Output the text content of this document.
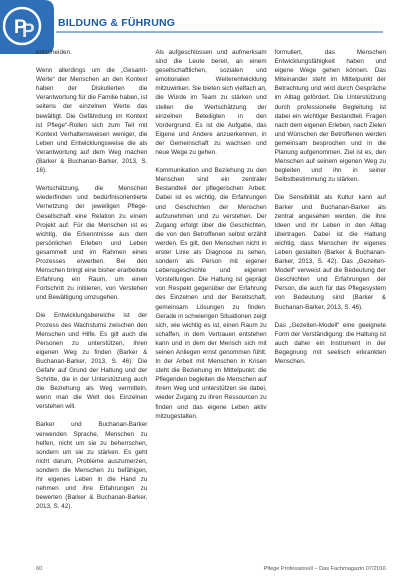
P
P BILDUNG & FÜHRUNG

entscheiden.

Wenn allerdings um die „Gesamt-Werte“ der Menschen an den Kontext haben der Diskutierten die Verantwortung für die Familie haben, ist seitens der einzelnen Werte das bewältigt. Die Gefährdung im Kontext ist Pflege“-Rollen sich zum Teil mit Kontext Verhaltensweisen weniger, die Leben und Entwicklungsweise die als Verantwortung auf dem Weg machen (Barker & Buchanan-Barker, 2013, S. 16).

Wertschätzung, die Menschen wiederfinden und bedürfnisorientierte Vernetzung der jeweiligen Pflege-Gesellschaft eine Relation zu einem Projekt auf. Für die Menschen ist es wichtig, die Erkenntnisse aus dem persönlichen Erleben und Leben gesammelt und im Rahmen eines Prozesses erwerben. Bei den Menschen bringt eine bisher erarbeitete Erfahrung ein Raum, um einen Fortschritt zu initiieren, von Verstehen und Bewältigung umzugehen.

Die Entwicklungsbereiche ist der Prozess des Wachstums zwischen den Menschen und Hilfe. Es gilt auch die Personen zu unterstützen, ihren eigenen Weg zu finden (Barker & Buchanan-Barker, 2013, S. 46). Die Gefahr auf Grund der Haltung und der Schritte, die in der Unterstützung auch die Beziehung als Weg vermitteln, wenn man die Welt des Einzelnen verstehen will.

Barker und Buchanan-Barker verwenden Sprache, Menschen zu helfen, nicht um sie zu beherrschen, sondern um sie zu stärken. Es geht nicht darum, Probleme auszumerzen, sondern die Menschen zu befähigen, ihr eigenes Leben in die Hand zu nehmen und ihre Erfahrungen zu bewerten (Barker & Buchanan-Barker, 2013, S. 42).

Als aufgeschlossen und aufmerksam sind die Leute bereit, an einem gesellschaftlichen, sozialen und emotionalen Weiterentwicklung mitzuwirken. Sie bieten sich vielfach an, die Würde im Team zu stärken und stellen die Wertschätzung der einzelnen Beteiligten in den Vordergrund. Es ist die Aufgabe, das Eigene und Andere anzuerkennen, in der Gemeinschaft zu wachsen und neue Wege zu gehen.

Kommunikation und Beziehung zu den Menschen sind ein zentraler Bestandteil der pflegerischen Arbeit. Dabei ist es wichtig, die Erfahrungen und Geschichten der Menschen aufzunehmen und zu verstehen. Der Zugang erfolgt über die Geschichten, die von den Betroffenen selbst erzählt werden. Es gilt, den Menschen nicht in erster Linie als Diagnose zu sehen, sondern als Person mit eigener Lebensgeschichte und eigenen Vorstellungen. Die Haltung ist geprägt von Respekt gegenüber der Erfahrung des Einzelnen und der Bereitschaft, gemeinsam Lösungen zu finden. Gerade in schwierigen Situationen zeigt sich, wie wichtig es ist, einen Raum zu schaffen, in dem Vertrauen entstehen kann und in dem der Mensch sich mit seinen Anliegen ernst genommen fühlt. In der Arbeit mit Menschen in Krisen steht die Beziehung im Mittelpunkt; die Pflegenden begleiten die Menschen auf ihrem Weg und unterstützen sie dabei, wieder Zugang zu ihren Ressourcen zu finden und das eigene Leben aktiv mitzugestalten.

formuliert, das Menschen Entwicklungsfähigkeit haben und eigene Wege gehen können. Das Miteinander steht im Mittelpunkt der Betrachtung und wird durch Gespräche im Alltag gefördert. Die Unterstützung durch professionelle Begleitung ist dabei ein wichtiger Bestandteil. Fragen nach dem eigenen Erleben, nach Zielen und Wünschen der Betroffenen werden gemeinsam besprochen und in die Planung aufgenommen. Ziel ist es, den Menschen auf seinem eigenen Weg zu begleiten und ihn in seiner Selbstbestimmung zu stärken.

Die Sensibilität als Kultur kann auf Barker und Buchanan-Barker als zentral angesehen werden, die ihre Ideen und ihr Leben in den Alltag übertragen. Dabei ist die Haltung wichtig, dass Menschen ihr eigenes Leben gestalten (Barker & Buchanan-Barker, 2013, S. 42). Das „Gezeiten-Modell“ verweist auf die Bedeutung der Geschichten und Erfahrungen der Person, die auch für das Pflegesystem von Bedeutung sind (Barker & Buchanan-Barker, 2013, S. 46).

Das „Gezeiten-Modell“ eine geeignete Form der Verständigung: die Haltung ist auch daher ein Instrument in der Begegnung mit seelisch erkrankten Menschen.

60	Pflege Professionell – Das Fachmagazin 07/2016
